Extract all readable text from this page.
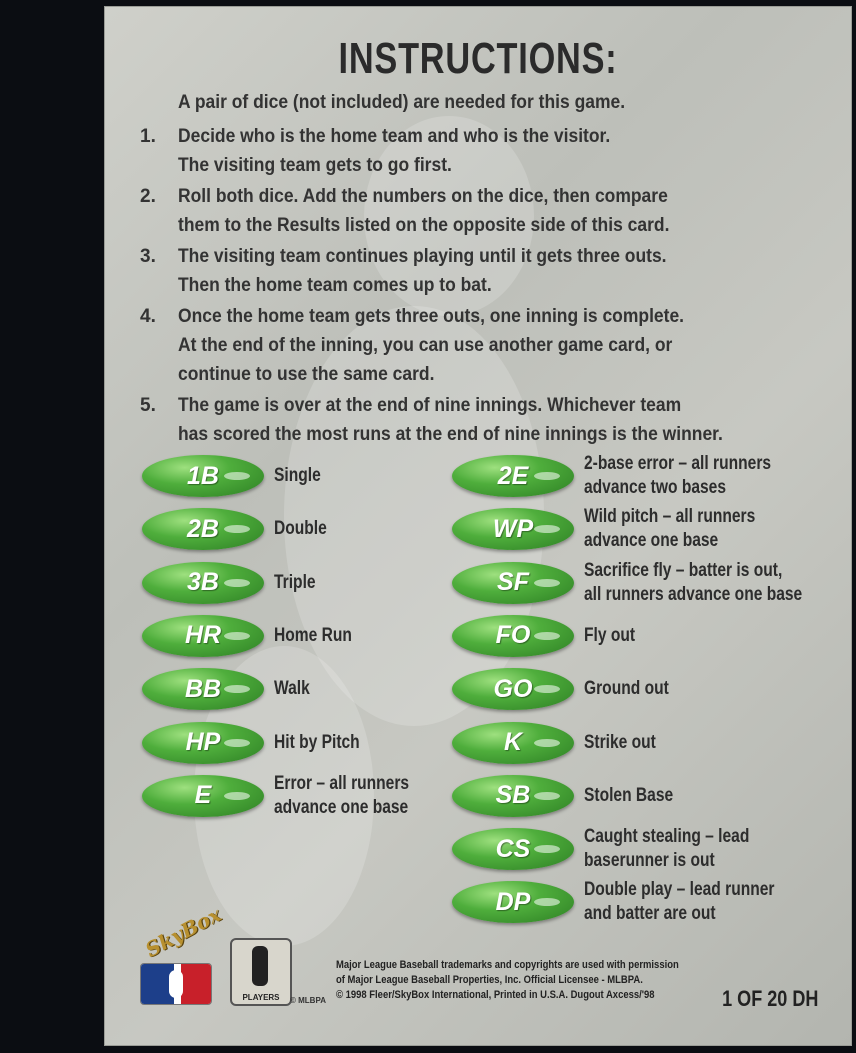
INSTRUCTIONS:
A pair of dice (not included) are needed for this game.
1.	Decide who is the home team and who is the visitor.
The visiting team gets to go first.
2.	Roll both dice. Add the numbers on the dice, then compare
them to the Results listed on the opposite side of this card.
3.	The visiting team continues playing until it gets three outs.
Then the home team comes up to bat.
4.	Once the home team gets three outs, one inning is complete.
At the end of the inning, you can use another game card, or
continue to use the same card.
5.	The game is over at the end of nine innings. Whichever team
has scored the most runs at the end of nine innings is the winner.
1B	Single
2B	Double
3B	Triple
HR	Home Run
BB	Walk
HP	Hit by Pitch
E	Error – all runners
advance one base
2E	2-base error – all runners
advance two bases
WP	Wild pitch – all runners
advance one base
SF	Sacrifice fly – batter is out,
all runners advance one base
FO	Fly out
GO	Ground out
K	Strike out
SB	Stolen Base
CS	Caught stealing – lead
baserunner is out
DP	Double play – lead runner
and batter are out
SkyBox
PLAYERS	© MLBPA
Major League Baseball trademarks and copyrights are used with permission
of Major League Baseball Properties, Inc. Official Licensee - MLBPA.
© 1998 Fleer/SkyBox International, Printed in U.S.A. Dugout Axcess/'98	1 OF 20 DH
